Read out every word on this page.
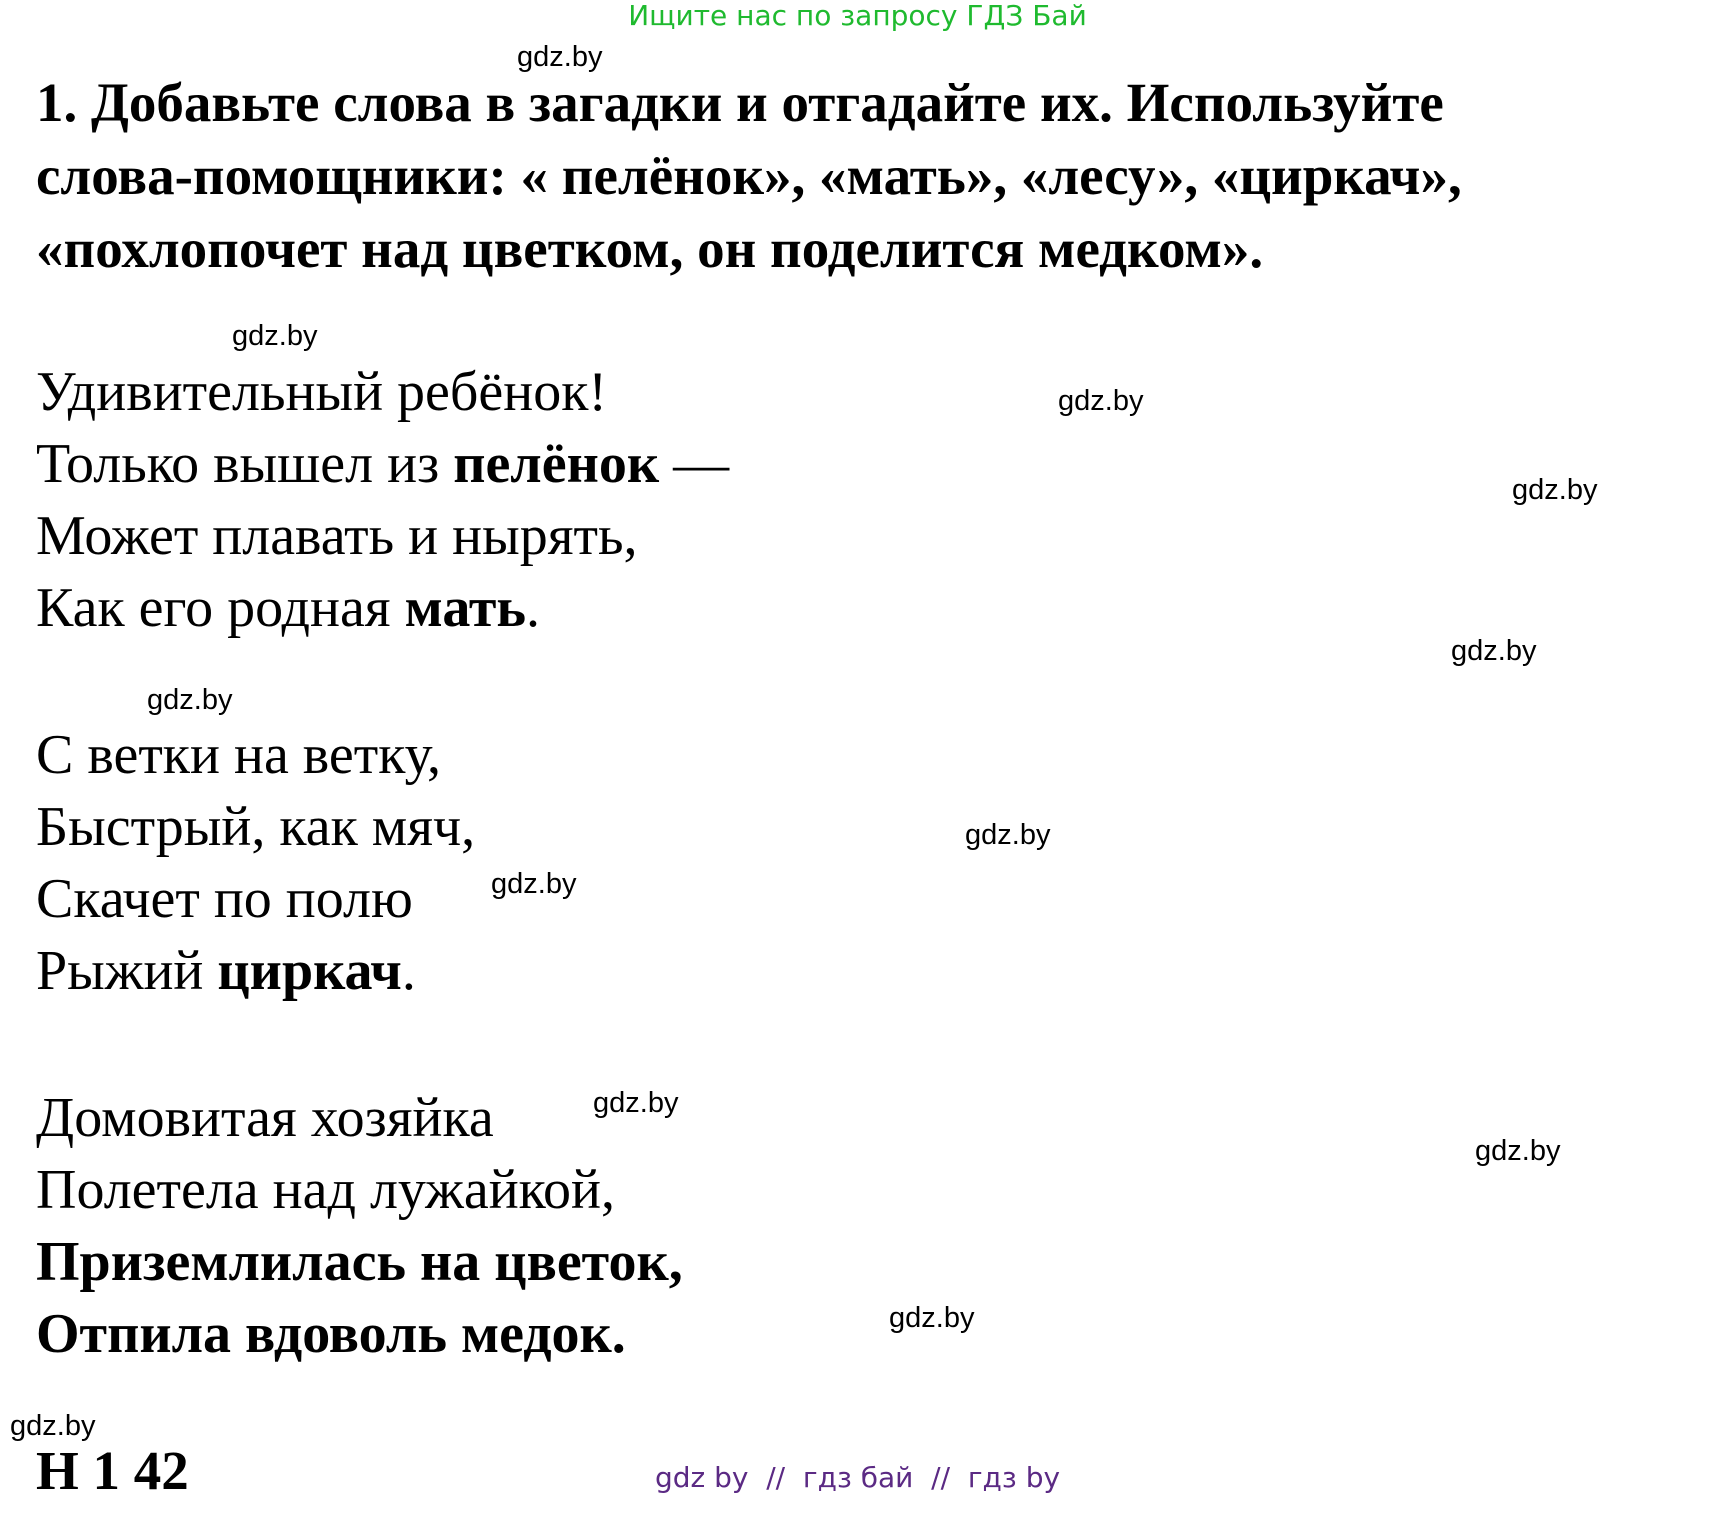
Ищите нас по запросу ГДЗ Бай

1. Добавьте слова в загадки и отгадайте их. Используйте

слова-помощники: « пелёнок», «мать», «лесу», «циркач»,

«похлопочет над цветком, он поделится медком».

Удивительный ребёнок!

Только вышел из пелёнок —

Может плавать и нырять,

Как его родная мать.

С ветки на ветку,

Быстрый, как мяч,

Скачет по полю

Рыжий циркач.

Домовитая хозяйка

Полетела над лужайкой,

Приземлилась на цветок,

Отпила вдоволь медок.

Н 1 42
gdz.by
gdz.by
gdz.by
gdz.by
gdz.by
gdz.by
gdz.by
gdz.by
gdz.by
gdz.by
gdz.by
gdz.by
gdz by  //  гдз бай  //  гдз by
